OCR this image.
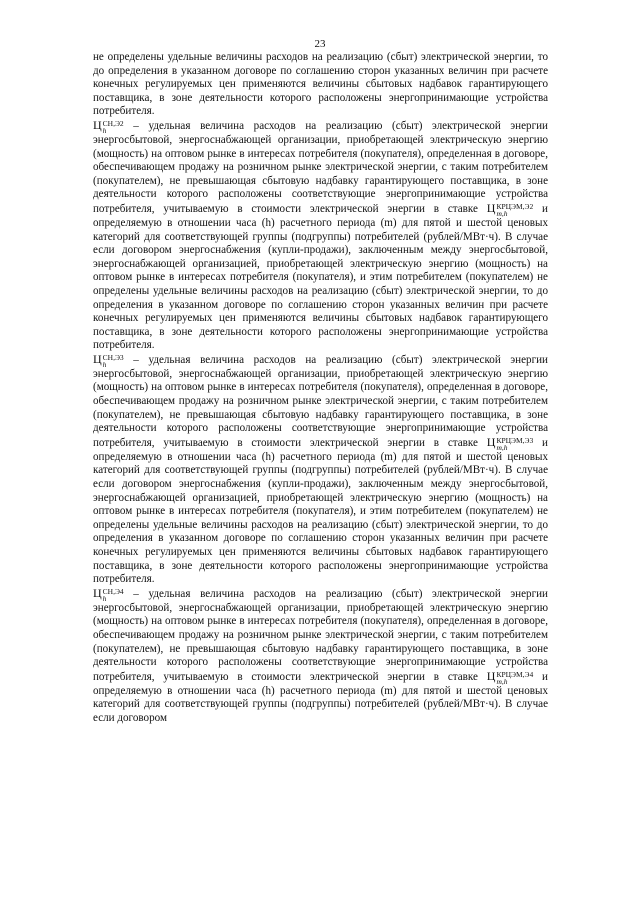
23

не определены удельные величины расходов на реализацию (сбыт) электрической энергии, то до определения в указанном договоре по соглашению сторон указанных величин при расчете конечных регулируемых цен применяются величины сбытовых надбавок гарантирующего поставщика, в зоне деятельности которого расположены энергопринимающие устройства потребителя.

Ц СН,Э2
h	– удельная величина расходов на реализацию (сбыт) электрической энергии энергосбытовой, энергоснабжающей организации, приобретающей электрическую энергию (мощность) на оптовом рынке в интересах потребителя (покупателя), определенная в договоре, обеспечивающем продажу на розничном рынке электрической энергии, с таким потребителем (покупателем), не превышающая сбытовую надбавку гарантирующего поставщика, в зоне деятельности которого расположены соответствующие энергопринимающие устройства потребителя, учитываемую в стоимости электрической энергии в ставке Ц КРЦЭМ,Э2
m,h	и определяемую в отношении часа (h) расчетного периода (m) для пятой и шестой ценовых категорий для соответствующей группы (подгруппы) потребителей (рублей/МВт·ч). В случае если договором энергоснабжения (купли-продажи), заключенным между энергосбытовой, энергоснабжающей организацией, приобретающей электрическую энергию (мощность) на оптовом рынке в интересах потребителя (покупателя), и этим потребителем (покупателем) не определены удельные величины расходов на реализацию (сбыт) электрической энергии, то до определения в указанном договоре по соглашению сторон указанных величин при расчете конечных регулируемых цен применяются величины сбытовых надбавок гарантирующего поставщика, в зоне деятельности которого расположены энергопринимающие устройства потребителя.

Ц СН,Э3
h	– удельная величина расходов на реализацию (сбыт) электрической энергии энергосбытовой, энергоснабжающей организации, приобретающей электрическую энергию (мощность) на оптовом рынке в интересах потребителя (покупателя), определенная в договоре, обеспечивающем продажу на розничном рынке электрической энергии, с таким потребителем (покупателем), не превышающая сбытовую надбавку гарантирующего поставщика, в зоне деятельности которого расположены соответствующие энергопринимающие устройства потребителя, учитываемую в стоимости электрической энергии в ставке Ц КРЦЭМ,Э3
m,h	и определяемую в отношении часа (h) расчетного периода (m) для пятой и шестой ценовых категорий для соответствующей группы (подгруппы) потребителей (рублей/МВт·ч). В случае если договором энергоснабжения (купли-продажи), заключенным между энергосбытовой, энергоснабжающей организацией, приобретающей электрическую энергию (мощность) на оптовом рынке в интересах потребителя (покупателя), и этим потребителем (покупателем) не определены удельные величины расходов на реализацию (сбыт) электрической энергии, то до определения в указанном договоре по соглашению сторон указанных величин при расчете конечных регулируемых цен применяются величины сбытовых надбавок гарантирующего поставщика, в зоне деятельности которого расположены энергопринимающие устройства потребителя.

Ц СН,Э4
h	– удельная величина расходов на реализацию (сбыт) электрической энергии энергосбытовой, энергоснабжающей организации, приобретающей электрическую энергию (мощность) на оптовом рынке в интересах потребителя (покупателя), определенная в договоре, обеспечивающем продажу на розничном рынке электрической энергии, с таким потребителем (покупателем), не превышающая сбытовую надбавку гарантирующего поставщика, в зоне деятельности которого расположены соответствующие энергопринимающие устройства потребителя, учитываемую в стоимости электрической энергии в ставке Ц КРЦЭМ,Э4
m,h	и определяемую в отношении часа (h) расчетного периода (m) для пятой и шестой ценовых категорий для соответствующей группы (подгруппы) потребителей (рублей/МВт·ч). В случае если договором
